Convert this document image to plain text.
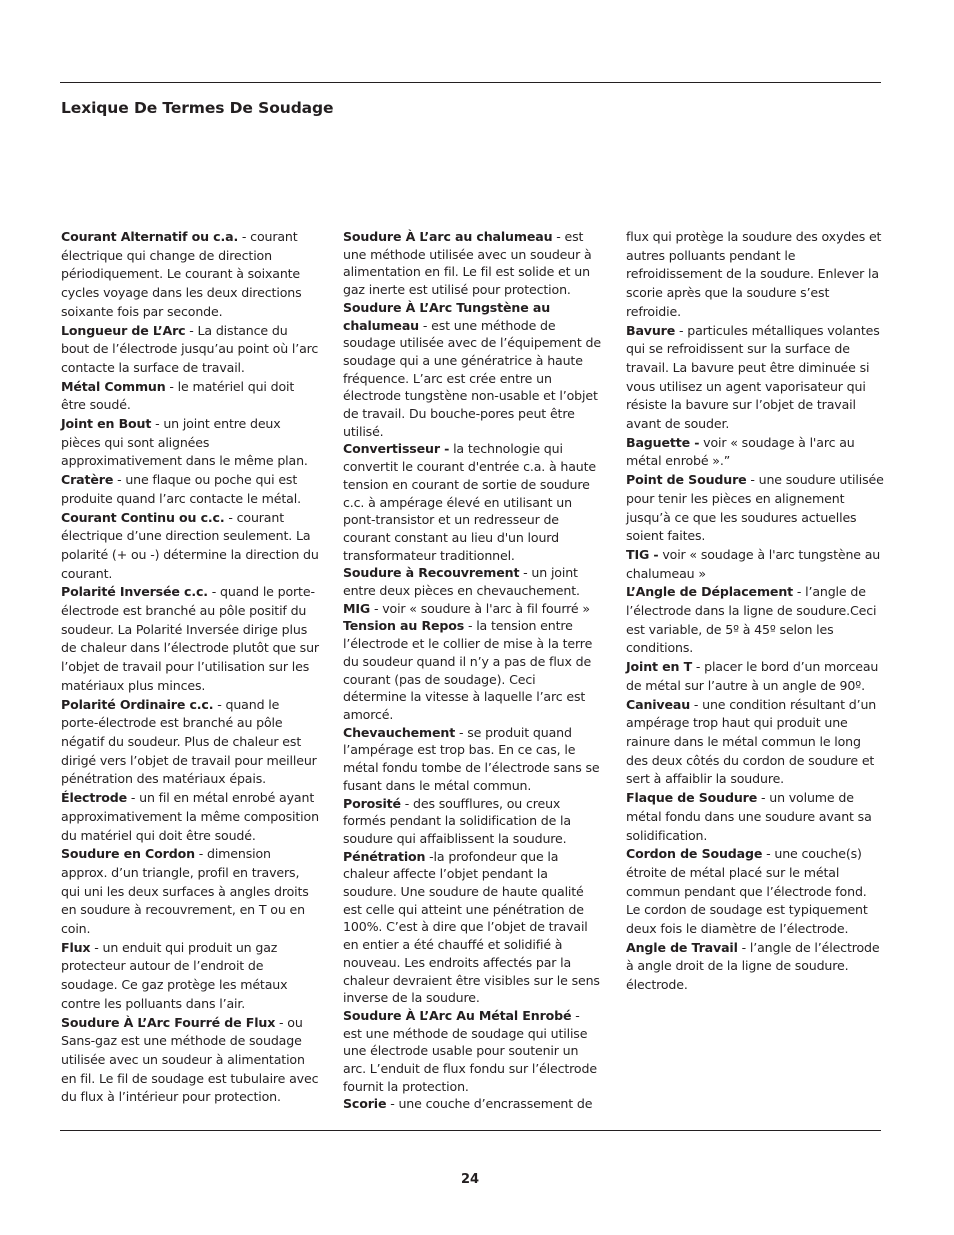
Lexique De Termes De Soudage

Courant Alternatif ou c.a. - courant électrique qui change de direction périodiquement. Le courant à soixante cycles voyage dans les deux directions soixante fois par seconde.

Longueur de L’Arc - La distance du bout de l’électrode jusqu’au point où l’arc contacte la surface de travail.

Métal Commun - le matériel qui doit être soudé.

Joint en Bout - un joint entre deux pièces qui sont alignées approximativement dans le même plan.

Cratère - une flaque ou poche qui est produite quand l’arc contacte le métal.

Courant Continu ou c.c. - courant électrique d’une direction seulement. La polarité (+ ou -) détermine la direction du courant.

Polarité Inversée c.c. - quand le porte-électrode est branché au pôle positif du soudeur. La Polarité Inversée dirige plus de chaleur dans l’électrode plutôt que sur l’objet de travail pour l’utilisation sur les matériaux plus minces.

Polarité Ordinaire c.c. - quand le porte-électrode est branché au pôle négatif du soudeur. Plus de chaleur est dirigé vers l’objet de travail pour meilleur pénétration des matériaux épais.

Électrode - un fil en métal enrobé ayant approximativement la même composition du matériel qui doit être soudé.

Soudure en Cordon - dimension approx. d’un triangle, profil en travers, qui uni les deux surfaces à angles droits en soudure à recouvrement, en T ou en coin.

Flux - un enduit qui produit un gaz protecteur autour de l’endroit de soudage. Ce gaz protège les métaux contre les polluants dans l’air.

Soudure À L’Arc Fourré de Flux - ou Sans-gaz est une méthode de soudage utilisée avec un soudeur à alimentation en fil. Le fil de soudage est tubulaire avec du flux à l’intérieur pour protection.

Soudure À L’arc au chalumeau - est une méthode utilisée avec un soudeur à alimentation en fil. Le fil est solide et un gaz inerte est utilisé pour protection.

Soudure À L’Arc Tungstène au chalumeau - est une méthode de soudage utilisée avec de l’équipement de soudage qui a une génératrice à haute fréquence. L’arc est crée entre un électrode tungstène non-usable et l’objet de travail. Du bouche-pores peut être utilisé.

Convertisseur - la technologie qui convertit le courant d'entrée c.a. à haute tension en courant de sortie de soudure c.c. à ampérage élevé en utilisant un pont-transistor et un redresseur de courant constant au lieu d'un lourd transformateur traditionnel.

Soudure à Recouvrement - un joint entre deux pièces en chevauchement.

MIG - voir « soudure à l'arc à fil fourré »

Tension au Repos - la tension entre l’électrode et le collier de mise à la terre du soudeur quand il n’y a pas de flux de courant (pas de soudage). Ceci détermine la vitesse à laquelle l’arc est amorcé.

Chevauchement - se produit quand l’ampérage est trop bas. En ce cas, le métal fondu tombe de l’électrode sans se fusant dans le métal commun.

Porosité - des soufflures, ou creux formés pendant la solidification de la soudure qui affaiblissent la soudure.

Pénétration -la profondeur que la chaleur affecte l’objet pendant la soudure. Une soudure de haute qualité est celle qui atteint une pénétration de 100%. C’est à dire que l’objet de travail en entier a été chauffé et solidifié à nouveau. Les endroits affectés par la chaleur devraient être visibles sur le sens inverse de la soudure.

Soudure À L’Arc Au Métal Enrobé - est une méthode de soudage qui utilise une électrode usable pour soutenir un arc. L’enduit de flux fondu sur l’électrode fournit la protection.

Scorie - une couche d’encrassement de

flux qui protège la soudure des oxydes et autres polluants pendant le refroidissement de la soudure. Enlever la scorie après que la soudure s’est refroidie.

Bavure - particules métalliques volantes qui se refroidissent sur la surface de travail. La bavure peut être diminuée si vous utilisez un agent vaporisateur qui résiste la bavure sur l’objet de travail avant de souder.

Baguette - voir « soudage à l'arc au métal enrobé ».”

Point de Soudure - une soudure utilisée pour tenir les pièces en alignement jusqu’à ce que les soudures actuelles soient faites.

TIG - voir « soudage à l'arc tungstène au chalumeau »

L’Angle de Déplacement - l’angle de l’électrode dans la ligne de soudure.Ceci est variable, de 5º à 45º selon les conditions.

Joint en T - placer le bord d’un morceau de métal sur l’autre à un angle de 90º.

Caniveau - une condition résultant d’un ampérage trop haut qui produit une rainure dans le métal commun le long des deux côtés du cordon de soudure et sert à affaiblir la soudure.

Flaque de Soudure - un volume de métal fondu dans une soudure avant sa solidification.

Cordon de Soudage - une couche(s) étroite de métal placé sur le métal commun pendant que l’électrode fond. Le cordon de soudage est typiquement deux fois le diamètre de l’électrode.

Angle de Travail - l’angle de l’électrode à angle droit de la ligne de soudure. électrode.

24
